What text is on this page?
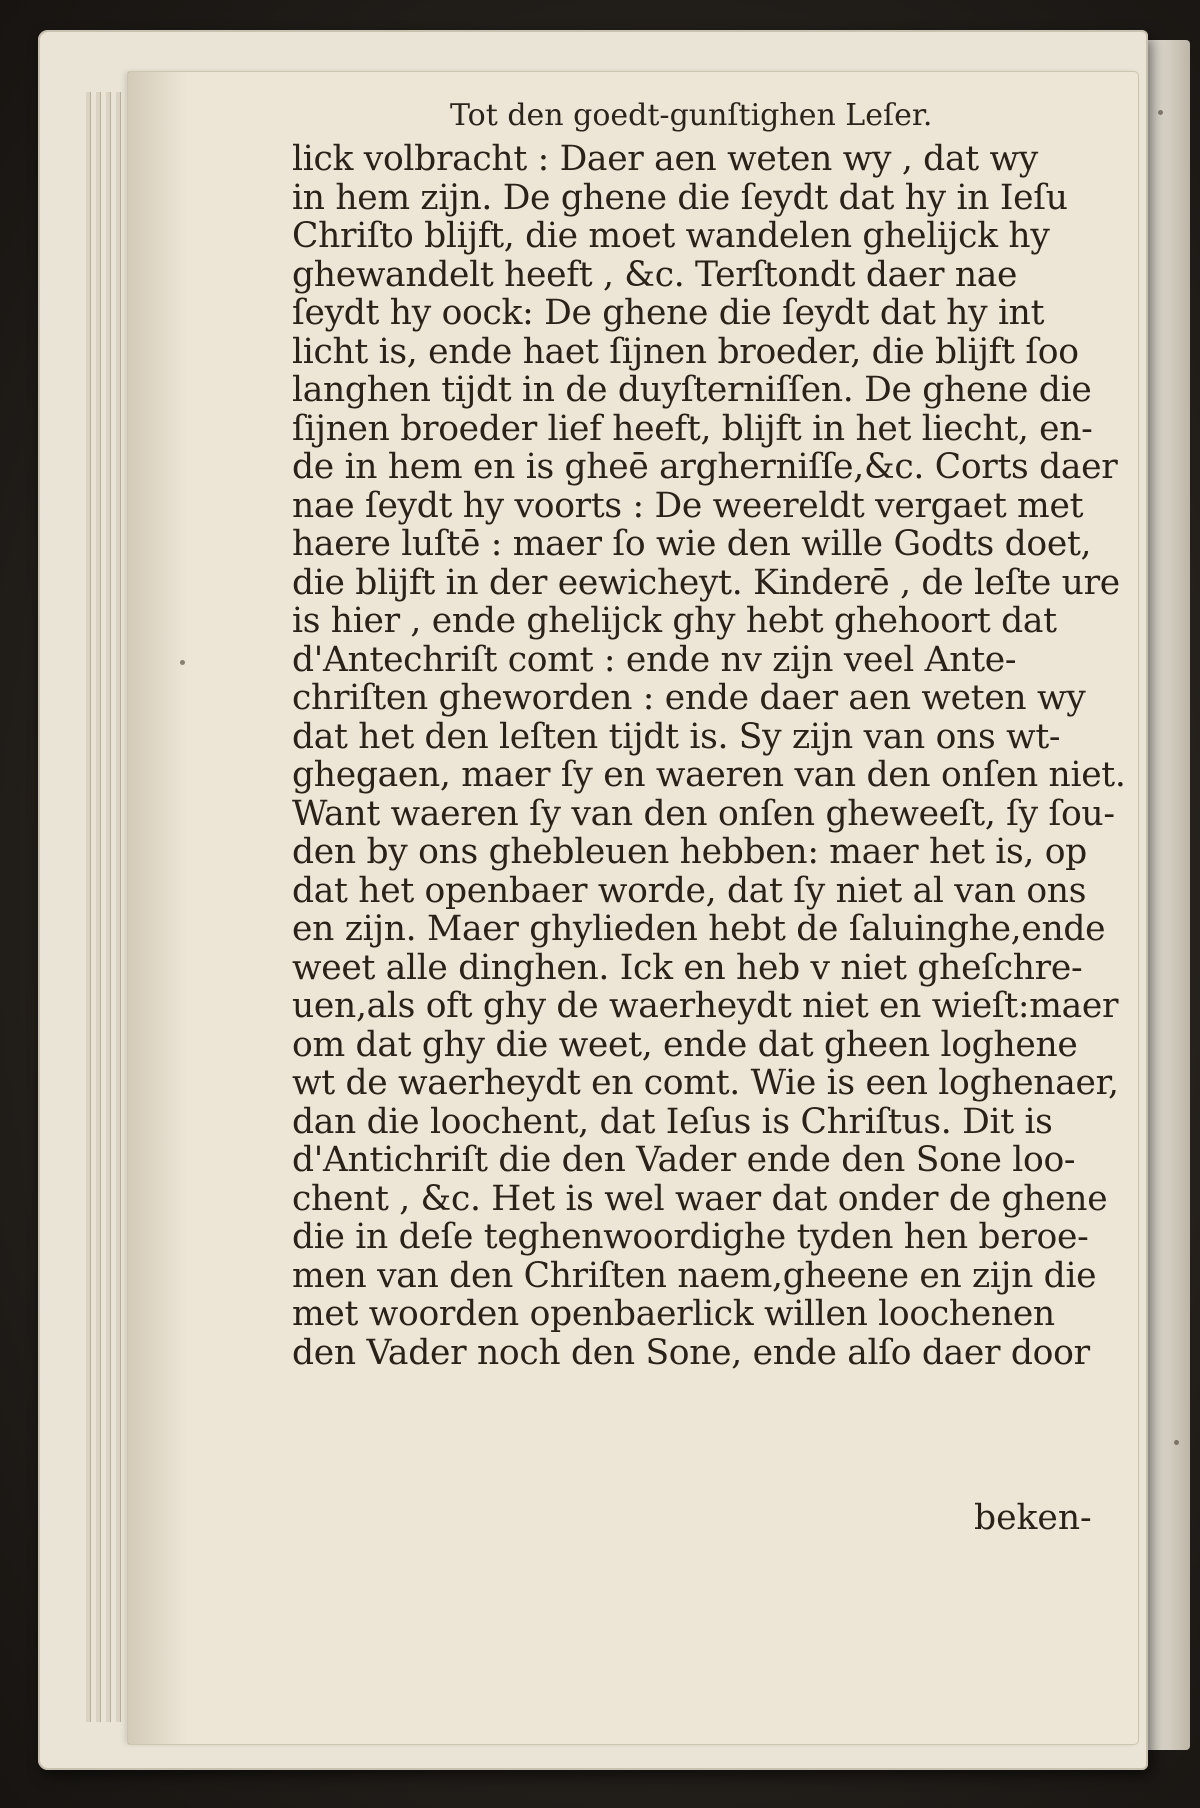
Tot den goedt-gunſtighen Leſer.
lick volbracht : Daer aen weten wy , dat wy
in hem zijn. De ghene die ſeydt dat hy in Ieſu
Chriſto blijft, die moet wandelen ghelijck hy
ghewandelt heeft , &c. Terſtondt daer nae
ſeydt hy oock: De ghene die ſeydt dat hy int
licht is, ende haet ſijnen broeder, die blijft ſoo
langhen tijdt in de duyſterniſſen. De ghene die
ſijnen broeder lief heeft, blijft in het liecht, en-
de in hem en is gheē argherniſſe,&c. Corts daer
nae ſeydt hy voorts : De weereldt vergaet met
haere luſtē : maer ſo wie den wille Godts doet,
die blijft in der eewicheyt. Kinderē , de leſte ure
is hier , ende ghelijck ghy hebt ghehoort dat
d'Antechriſt comt : ende nv zijn veel Ante-
chriſten gheworden : ende daer aen weten wy
dat het den leſten tijdt is. Sy zijn van ons wt-
ghegaen, maer ſy en waeren van den onſen niet.
Want waeren ſy van den onſen gheweeſt, ſy ſou-
den by ons ghebleuen hebben: maer het is, op
dat het openbaer worde, dat ſy niet al van ons
en zijn. Maer ghylieden hebt de ſaluinghe,ende
weet alle dinghen. Ick en heb v niet gheſchre-
uen,als oft ghy de waerheydt niet en wieſt:maer
om dat ghy die weet, ende dat gheen loghene
wt de waerheydt en comt. Wie is een loghenaer,
dan die loochent, dat Ieſus is Chriſtus. Dit is
d'Antichriſt die den Vader ende den Sone loo-
chent , &c. Het is wel waer dat onder de ghene
die in deſe teghenwoordighe tyden hen beroe-
men van den Chriſten naem,gheene en zijn die
met woorden openbaerlick willen loochenen
den Vader noch den Sone, ende alſo daer door
beken-
